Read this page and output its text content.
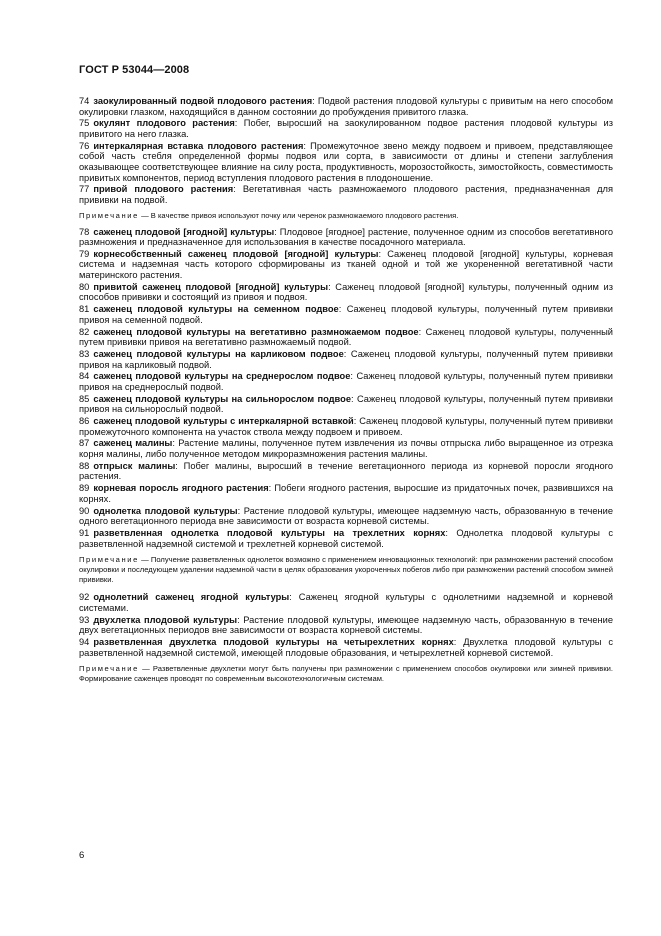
ГОСТ Р 53044—2008

74 заокулированный подвой плодового растения: Подвой растения плодовой культуры с привитым на него способом окулировки глазком, находящийся в данном состоянии до пробуждения привитого глазка.

75 окулянт плодового растения: Побег, выросший на заокулированном подвое растения плодовой культуры из привитого на него глазка.

76 интеркалярная вставка плодового растения: Промежуточное звено между подвоем и привоем, представляющее собой часть стебля определенной формы подвоя или сорта, в зависимости от длины и степени заглубления оказывающее соответствующее влияние на силу роста, продуктивность, морозостойкость, зимостойкость, совместимость привитых компонентов, период вступления плодового растения в плодоношение.

77 привой плодового растения: Вегетативная часть размножаемого плодового растения, предназначенная для прививки на подвой.

Примечание — В качестве привоя используют почку или черенок размножаемого плодового растения.

78 саженец плодовой [ягодной] культуры: Плодовое [ягодное] растение, полученное одним из способов вегетативного размножения и предназначенное для использования в качестве посадочного материала.

79 корнесобственный саженец плодовой [ягодной] культуры: Саженец плодовой [ягодной] культуры, корневая система и надземная часть которого сформированы из тканей одной и той же укорененной вегетативной части материнского растения.

80 привитой саженец плодовой [ягодной] культуры: Саженец плодовой [ягодной] культуры, полученный одним из способов прививки и состоящий из привоя и подвоя.

81 саженец плодовой культуры на семенном подвое: Саженец плодовой культуры, полученный путем прививки привоя на семенной подвой.

82 саженец плодовой культуры на вегетативно размножаемом подвое: Саженец плодовой культуры, полученный путем прививки привоя на вегетативно размножаемый подвой.

83 саженец плодовой культуры на карликовом подвое: Саженец плодовой культуры, полученный путем прививки привоя на карликовый подвой.

84 саженец плодовой культуры на среднерослом подвое: Саженец плодовой культуры, полученный путем прививки привоя на среднерослый подвой.

85 саженец плодовой культуры на сильнорослом подвое: Саженец плодовой культуры, полученный путем прививки привоя на сильнорослый подвой.

86 саженец плодовой культуры с интеркалярной вставкой: Саженец плодовой культуры, полученный путем прививки промежуточного компонента на участок ствола между подвоем и привоем.

87 саженец малины: Растение малины, полученное путем извлечения из почвы отпрыска либо выращенное из отрезка корня малины, либо полученное методом микроразмножения растения малины.

88 отпрыск малины: Побег малины, выросший в течение вегетационного периода из корневой поросли ягодного растения.

89 корневая поросль ягодного растения: Побеги ягодного растения, выросшие из придаточных почек, развившихся на корнях.

90 однолетка плодовой культуры: Растение плодовой культуры, имеющее надземную часть, образованную в течение одного вегетационного периода вне зависимости от возраста корневой системы.

91 разветвленная однолетка плодовой культуры на трехлетних корнях: Однолетка плодовой культуры с разветвленной надземной системой и трехлетней корневой системой.

Примечание — Получение разветвленных однолеток возможно с применением инновационных технологий: при размножении растений способом окулировки и последующем удалении надземной части в целях образования укороченных побегов либо при размножении растений способом зимней прививки.

92 однолетний саженец ягодной культуры: Саженец ягодной культуры с однолетними надземной и корневой системами.

93 двухлетка плодовой культуры: Растение плодовой культуры, имеющее надземную часть, образованную в течение двух вегетационных периодов вне зависимости от возраста корневой системы.

94 разветвленная двухлетка плодовой культуры на четырехлетних корнях: Двухлетка плодовой культуры с разветвленной надземной системой, имеющей плодовые образования, и четырехлетней корневой системой.

Примечание — Разветвленные двухлетки могут быть получены при размножении с применением способов окулировки или зимней прививки. Формирование саженцев проводят по современным высокотехнологичным системам.

6
